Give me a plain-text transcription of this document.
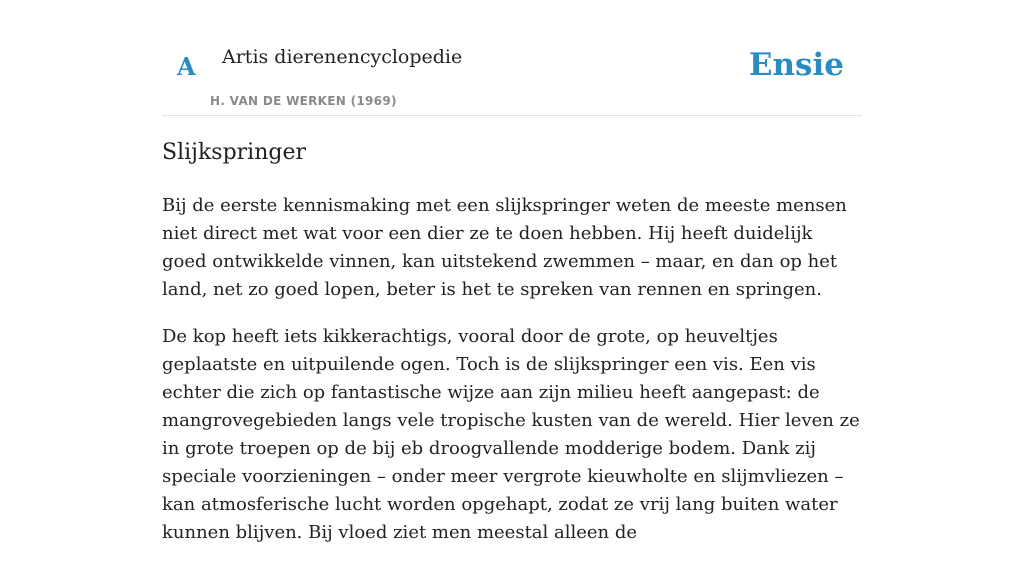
A Artis dierenencyclopedie
H. VAN DE WERKEN (1969)
Ensie
Slijkspringer

Bij de eerste kennismaking met een slijkspringer weten de meeste mensen niet direct met wat voor een dier ze te doen hebben. Hij heeft duidelijk goed ontwikkelde vinnen, kan uitstekend zwemmen – maar, en dan op het land, net zo goed lopen, beter is het te spreken van rennen en springen.

De kop heeft iets kikkerachtigs, vooral door de grote, op heuveltjes geplaatste en uitpuilende ogen. Toch is de slijkspringer een vis. Een vis echter die zich op fantastische wijze aan zijn milieu heeft aangepast: de mangrovegebieden langs vele tropische kusten van de wereld. Hier leven ze in grote troepen op de bij eb droogvallende modderige bodem. Dank zij speciale voorzieningen – onder meer vergrote kieuwholte en slijmvliezen – kan atmosferische lucht worden opgehapt, zodat ze vrij lang buiten water kunnen blijven. Bij vloed ziet men meestal alleen de
